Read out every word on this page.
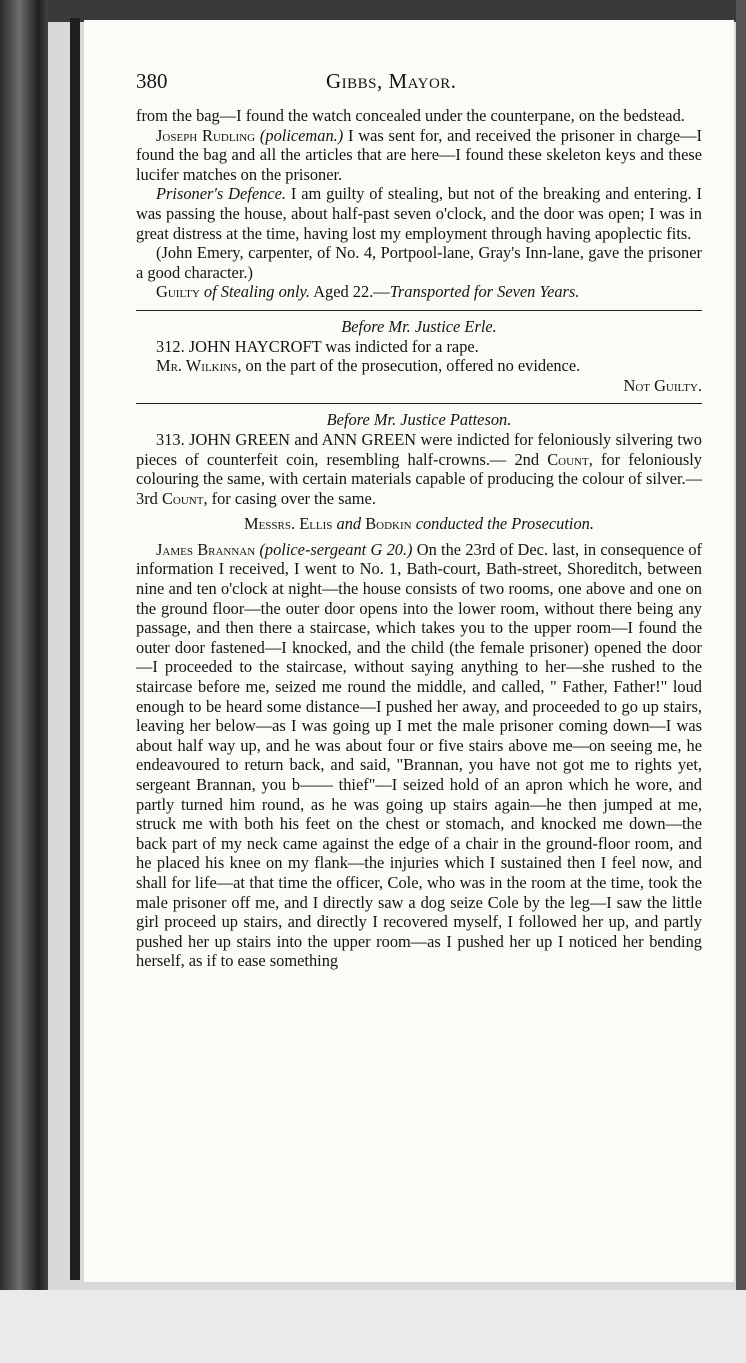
380	Gibbs, Mayor.

from the bag—I found the watch concealed under the counterpane, on the bedstead.

Joseph Rudling (policeman.) I was sent for, and received the prisoner in charge—I found the bag and all the articles that are here—I found these skeleton keys and these lucifer matches on the prisoner.

Prisoner's Defence. I am guilty of stealing, but not of the breaking and entering. I was passing the house, about half-past seven o'clock, and the door was open; I was in great distress at the time, having lost my employment through having apoplectic fits.

(John Emery, carpenter, of No. 4, Portpool-lane, Gray's Inn-lane, gave the prisoner a good character.)

Guilty of Stealing only. Aged 22.—Transported for Seven Years.

Before Mr. Justice Erle.

312. JOHN HAYCROFT was indicted for a rape.

Mr. Wilkins, on the part of the prosecution, offered no evidence.

Not Guilty.

Before Mr. Justice Patteson.

313. JOHN GREEN and ANN GREEN were indicted for feloniously silvering two pieces of counterfeit coin, resembling half-crowns.— 2nd Count, for feloniously colouring the same, with certain materials capable of producing the colour of silver.—3rd Count, for casing over the same.

Messrs. Ellis and Bodkin conducted the Prosecution.

James Brannan (police-sergeant G 20.) On the 23rd of Dec. last, in consequence of information I received, I went to No. 1, Bath-court, Bath-street, Shoreditch, between nine and ten o'clock at night—the house consists of two rooms, one above and one on the ground floor—the outer door opens into the lower room, without there being any passage, and then there a staircase, which takes you to the upper room—I found the outer door fastened—I knocked, and the child (the female prisoner) opened the door —I proceeded to the staircase, without saying anything to her—she rushed to the staircase before me, seized me round the middle, and called, " Father, Father!" loud enough to be heard some distance—I pushed her away, and proceeded to go up stairs, leaving her below—as I was going up I met the male prisoner coming down—I was about half way up, and he was about four or five stairs above me—on seeing me, he endeavoured to return back, and said, "Brannan, you have not got me to rights yet, sergeant Brannan, you b—— thief"—I seized hold of an apron which he wore, and partly turned him round, as he was going up stairs again—he then jumped at me, struck me with both his feet on the chest or stomach, and knocked me down—the back part of my neck came against the edge of a chair in the ground-floor room, and he placed his knee on my flank—the injuries which I sustained then I feel now, and shall for life—at that time the officer, Cole, who was in the room at the time, took the male prisoner off me, and I directly saw a dog seize Cole by the leg—I saw the little girl proceed up stairs, and directly I recovered myself, I followed her up, and partly pushed her up stairs into the upper room—as I pushed her up I noticed her bending herself, as if to ease something
